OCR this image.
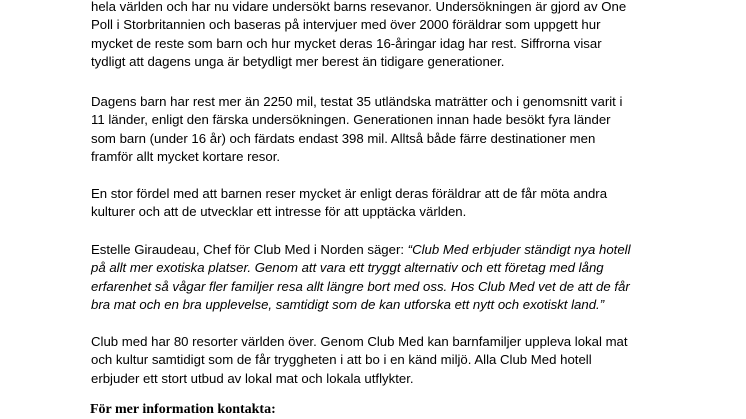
hela världen och har nu vidare undersökt barns resevanor. Undersökningen är gjord av One
Poll i Storbritannien och baseras på intervjuer med över 2000 föräldrar som uppgett hur
mycket de reste som barn och hur mycket deras 16-åringar idag har rest. Siffrorna visar
tydligt att dagens unga är betydligt mer berest än tidigare generationer.

Dagens barn har rest mer än 2250 mil, testat 35 utländska maträtter och i genomsnitt varit i
11 länder, enligt den färska undersökningen. Generationen innan hade besökt fyra länder
som barn (under 16 år) och färdats endast 398 mil. Alltså både färre destinationer men
framför allt mycket kortare resor.

En stor fördel med att barnen reser mycket är enligt deras föräldrar att de får möta andra
kulturer och att de utvecklar ett intresse för att upptäcka världen.

Estelle Giraudeau, Chef för Club Med i Norden säger: “Club Med erbjuder ständigt nya hotell
på allt mer exotiska platser. Genom att vara ett tryggt alternativ och ett företag med lång
erfarenhet så vågar fler familjer resa allt längre bort med oss. Hos Club Med vet de att de får
bra mat och en bra upplevelse, samtidigt som de kan utforska ett nytt och exotiskt land.”

Club med har 80 resorter världen över. Genom Club Med kan barnfamiljer uppleva lokal mat
och kultur samtidigt som de får tryggheten i att bo i en känd miljö. Alla Club Med hotell
erbjuder ett stort utbud av lokal mat och lokala utflykter.

För mer information kontakta:
